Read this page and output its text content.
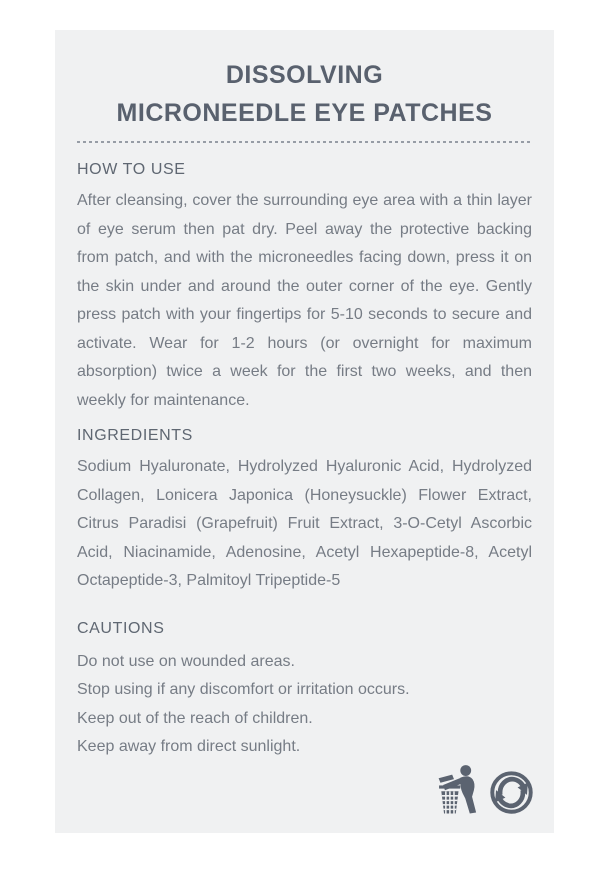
DISSOLVING
MICRONEEDLE EYE PATCHES
HOW TO USE

After cleansing, cover the surrounding eye area with a thin layer of eye serum then pat dry. Peel away the protective backing from patch, and with the microneedles facing down, press it on the skin under and around the outer corner of the eye. Gently press patch with your fingertips for 5-10 seconds to secure and activate. Wear for 1-2 hours (or overnight for maximum absorption) twice a week for the first two weeks, and then weekly for maintenance.

INGREDIENTS

Sodium Hyaluronate, Hydrolyzed Hyaluronic Acid, Hydrolyzed Collagen, Lonicera Japonica (Honeysuckle) Flower Extract, Citrus Paradisi (Grapefruit) Fruit Extract, 3-O-Cetyl Ascorbic Acid, Niacinamide, Adenosine, Acetyl Hexapeptide-8, Acetyl Octapeptide-3, Palmitoyl Tripeptide-5

CAUTIONS
Do not use on wounded areas.
Stop using if any discomfort or irritation occurs.
Keep out of the reach of children.
Keep away from direct sunlight.
